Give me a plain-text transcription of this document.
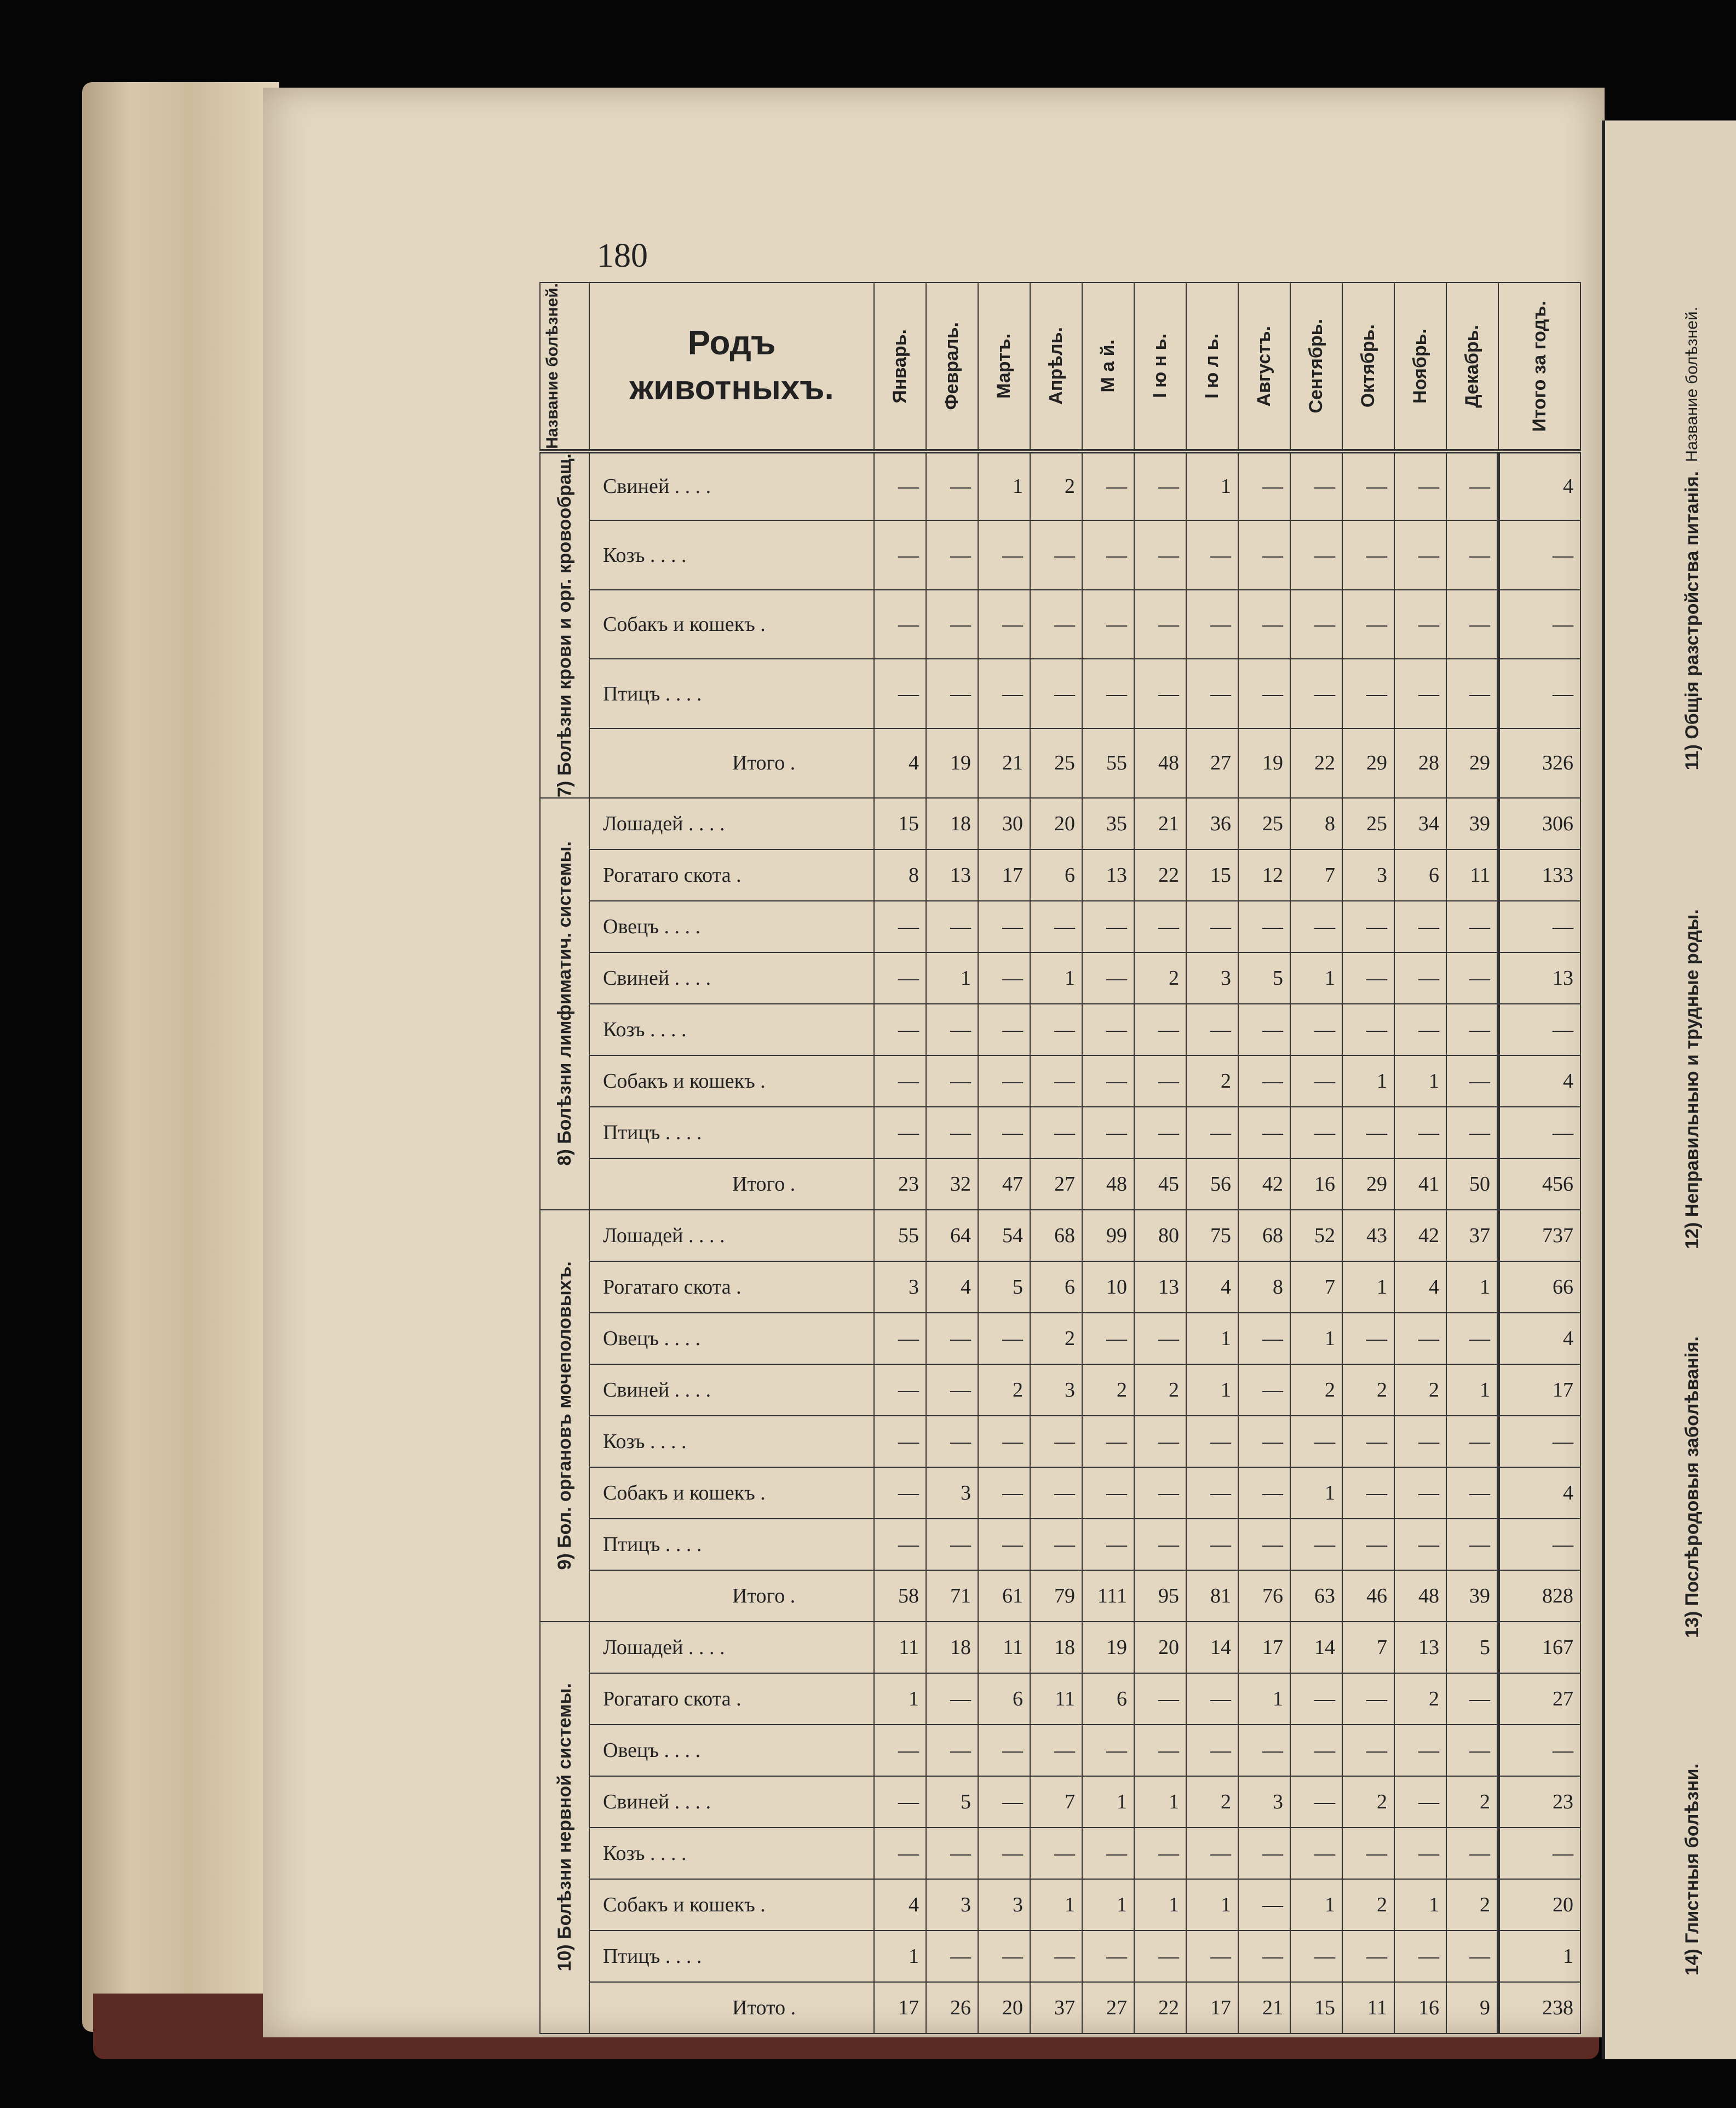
180
Название болѣзней.	Родъ животныхъ.	Январь.	Февраль.	Мартъ.	Апрѣль.	М а й.	І ю н ь.	І ю л ь.	Августъ.	Сентябрь.	Октябрь.	Ноябрь.	Декабрь.	Итого за годъ.

7) Болѣзни крови и орг. кровообращ.	Свиней . . . .	—	—	1	2	—	—	1	—	—	—	—	—	4
	Козъ . . . .	—	—	—	—	—	—	—	—	—	—	—	—	—
	Собакъ и кошекъ .	—	—	—	—	—	—	—	—	—	—	—	—	—
	Птицъ . . . .	—	—	—	—	—	—	—	—	—	—	—	—	—
	Итого .	4	19	21	25	55	48	27	19	22	29	28	29	326

8) Болѣзни лимфиматич. системы.	Лошадей . . . .	15	18	30	20	35	21	36	25	8	25	34	39	306
	Рогатаго скота .	8	13	17	6	13	22	15	12	7	3	6	11	133
	Овецъ . . . .	—	—	—	—	—	—	—	—	—	—	—	—	—
	Свиней . . . .	—	1	—	1	—	2	3	5	1	—	—	—	13
	Козъ . . . .	—	—	—	—	—	—	—	—	—	—	—	—	—
	Собакъ и кошекъ .	—	—	—	—	—	—	2	—	—	1	1	—	4
	Птицъ . . . .	—	—	—	—	—	—	—	—	—	—	—	—	—
	Итого .	23	32	47	27	48	45	56	42	16	29	41	50	456

9) Бол. органовъ мочеполовыхъ.	Лошадей . . . .	55	64	54	68	99	80	75	68	52	43	42	37	737
	Рогатаго скота .	3	4	5	6	10	13	4	8	7	1	4	1	66
	Овецъ . . . .	—	—	—	2	—	—	1	—	1	—	—	—	4
	Свиней . . . .	—	—	2	3	2	2	1	—	2	2	2	1	17
	Козъ . . . .	—	—	—	—	—	—	—	—	—	—	—	—	—
	Собакъ и кошекъ .	—	3	—	—	—	—	—	—	1	—	—	—	4
	Птицъ . . . .	—	—	—	—	—	—	—	—	—	—	—	—	—
	Итого .	58	71	61	79	111	95	81	76	63	46	48	39	828

10) Болѣзни нервной системы.	Лошадей . . . .	11	18	11	18	19	20	14	17	14	7	13	5	167
	Рогатаго скота .	1	—	6	11	6	—	—	1	—	—	2	—	27
	Овецъ . . . .	—	—	—	—	—	—	—	—	—	—	—	—	—
	Свиней . . . .	—	5	—	7	1	1	2	3	—	2	—	2	23
	Козъ . . . .	—	—	—	—	—	—	—	—	—	—	—	—	—
	Собакъ и кошекъ .	4	3	3	1	1	1	1	—	1	2	1	2	20
	Птицъ . . . .	1	—	—	—	—	—	—	—	—	—	—	—	1
	Итото .	17	26	20	37	27	22	17	21	15	11	16	9	238
Название болѣзней.
11) Общія разстройства питанія.
12) Неправильныю и трудные роды.
13) Послѣродовыя заболѣванія.
14) Глистныя болѣзни.
